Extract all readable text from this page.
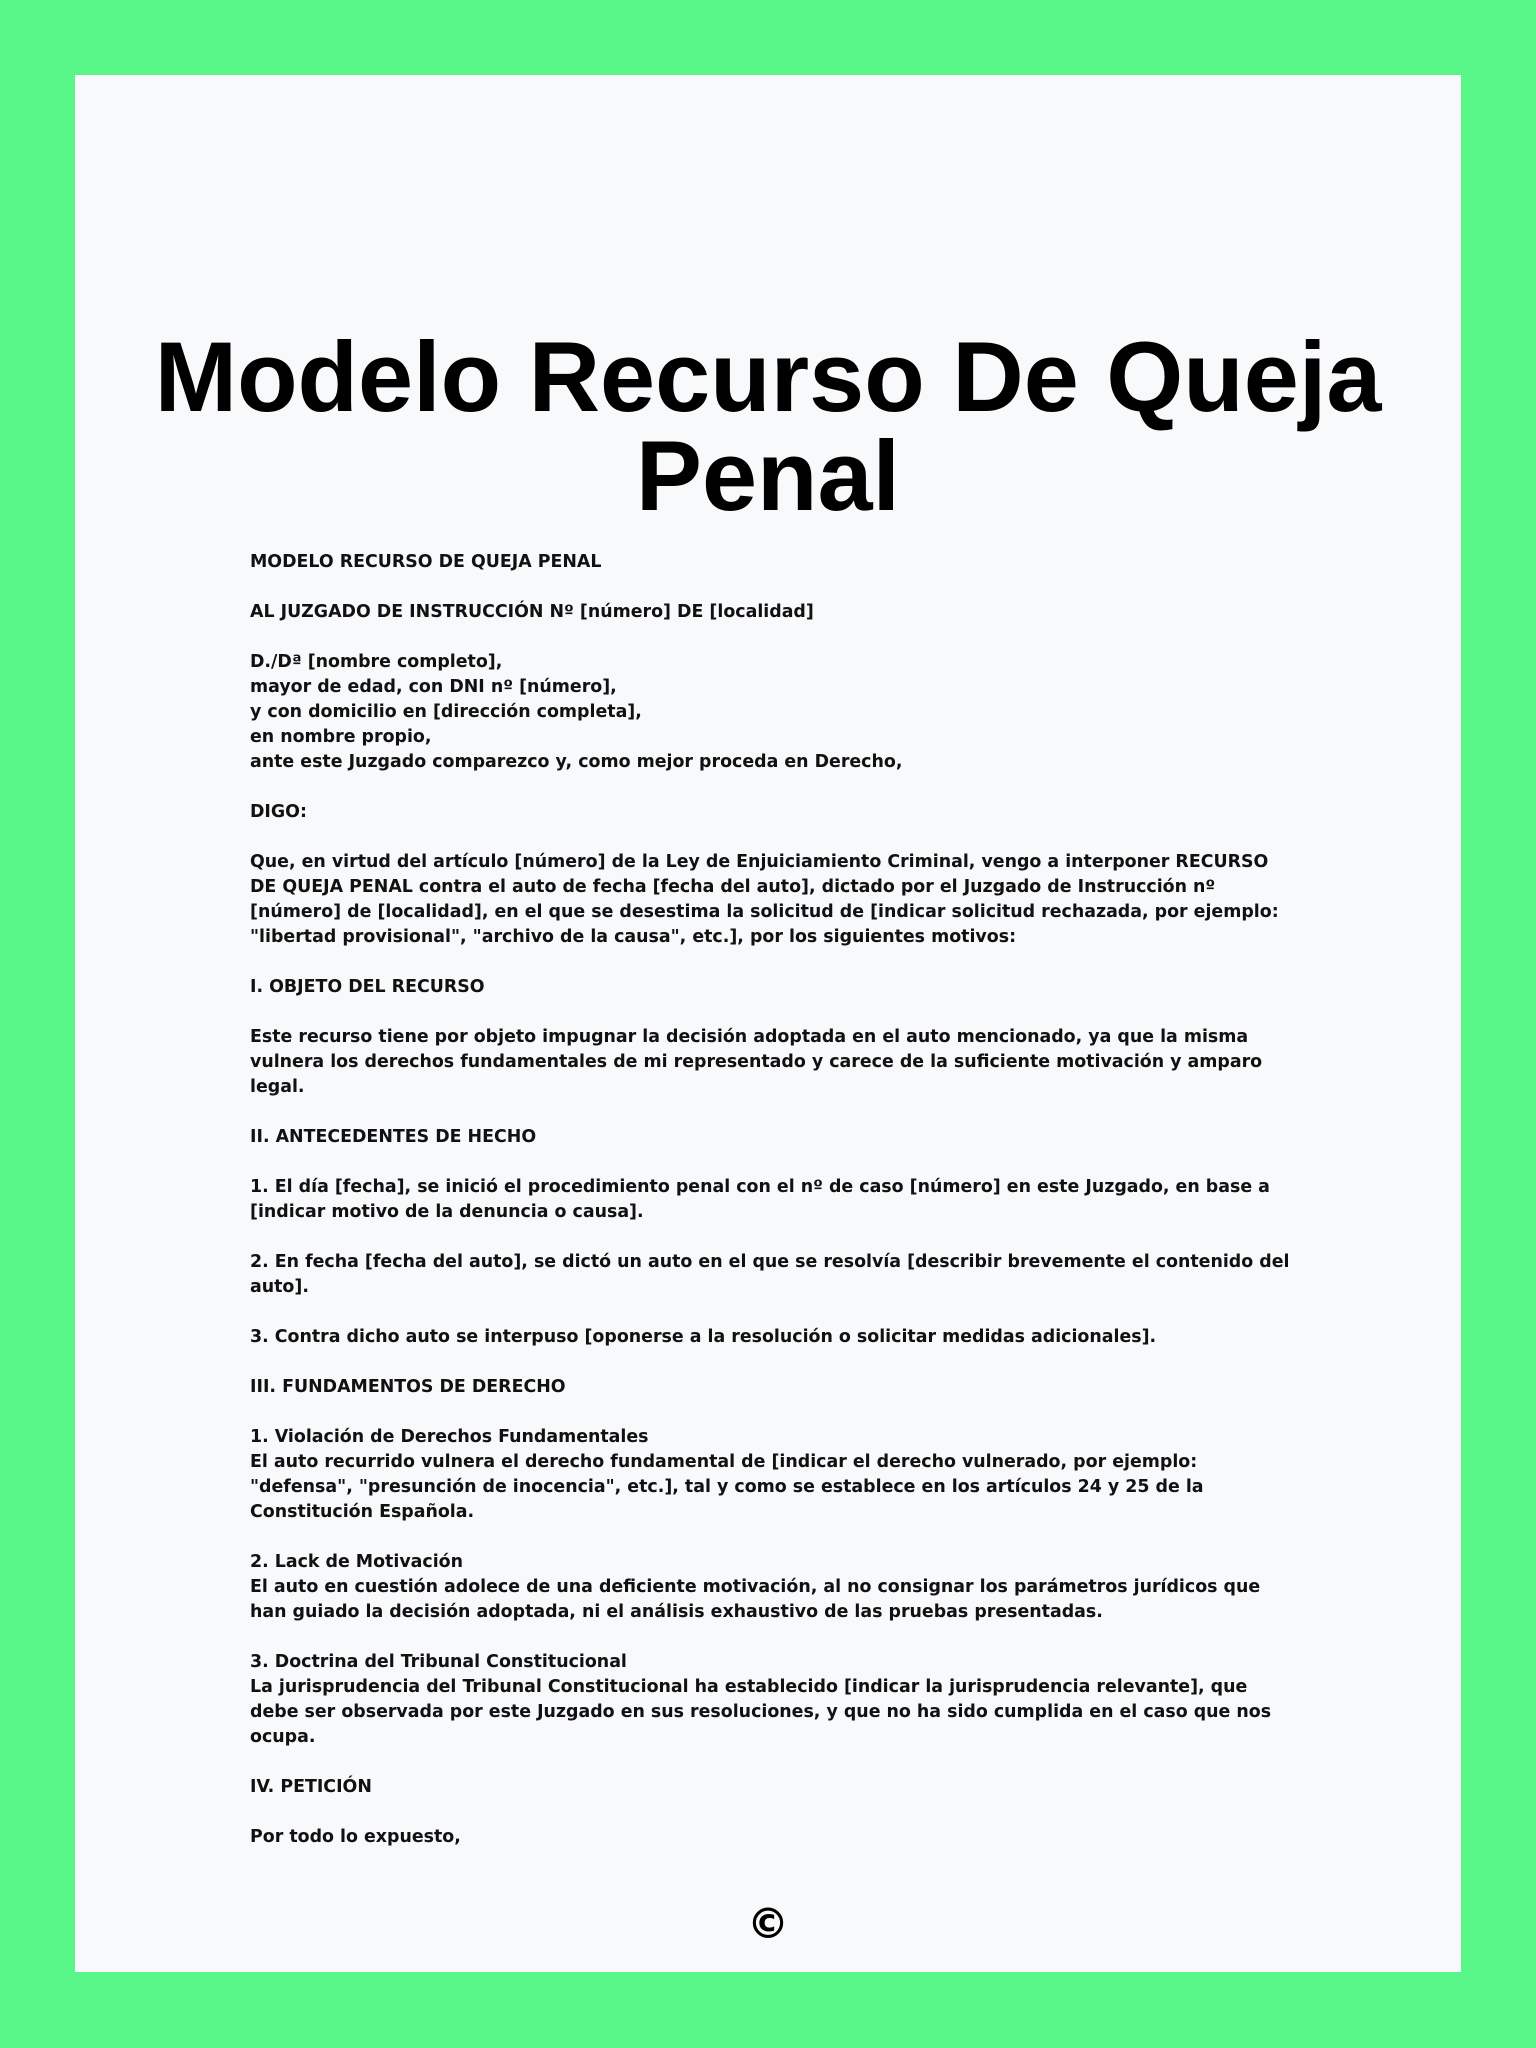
Modelo Recurso De Queja
Penal

MODELO RECURSO DE QUEJA PENAL

AL JUZGADO DE INSTRUCCIÓN Nº [número] DE [localidad]

D./Dª [nombre completo],
mayor de edad, con DNI nº [número],
y con domicilio en [dirección completa],
en nombre propio,
ante este Juzgado comparezco y, como mejor proceda en Derecho,

DIGO:

Que, en virtud del artículo [número] de la Ley de Enjuiciamiento Criminal, vengo a interponer RECURSO DE QUEJA PENAL contra el auto de fecha [fecha del auto], dictado por el Juzgado de Instrucción nº [número] de [localidad], en el que se desestima la solicitud de [indicar solicitud rechazada, por ejemplo: "libertad provisional", "archivo de la causa", etc.], por los siguientes motivos:

I. OBJETO DEL RECURSO

Este recurso tiene por objeto impugnar la decisión adoptada en el auto mencionado, ya que la misma vulnera los derechos fundamentales de mi representado y carece de la suficiente motivación y amparo legal.

II. ANTECEDENTES DE HECHO

1. El día [fecha], se inició el procedimiento penal con el nº de caso [número] en este Juzgado, en base a [indicar motivo de la denuncia o causa].

2. En fecha [fecha del auto], se dictó un auto en el que se resolvía [describir brevemente el contenido del auto].

3. Contra dicho auto se interpuso [oponerse a la resolución o solicitar medidas adicionales].

III. FUNDAMENTOS DE DERECHO

1. Violación de Derechos Fundamentales
El auto recurrido vulnera el derecho fundamental de [indicar el derecho vulnerado, por ejemplo: "defensa", "presunción de inocencia", etc.], tal y como se establece en los artículos 24 y 25 de la Constitución Española.

2. Lack de Motivación
El auto en cuestión adolece de una deficiente motivación, al no consignar los parámetros jurídicos que han guiado la decisión adoptada, ni el análisis exhaustivo de las pruebas presentadas.

3. Doctrina del Tribunal Constitucional
La jurisprudencia del Tribunal Constitucional ha establecido [indicar la jurisprudencia relevante], que debe ser observada por este Juzgado en sus resoluciones, y que no ha sido cumplida en el caso que nos ocupa.

IV. PETICIÓN

Por todo lo expuesto,

©
